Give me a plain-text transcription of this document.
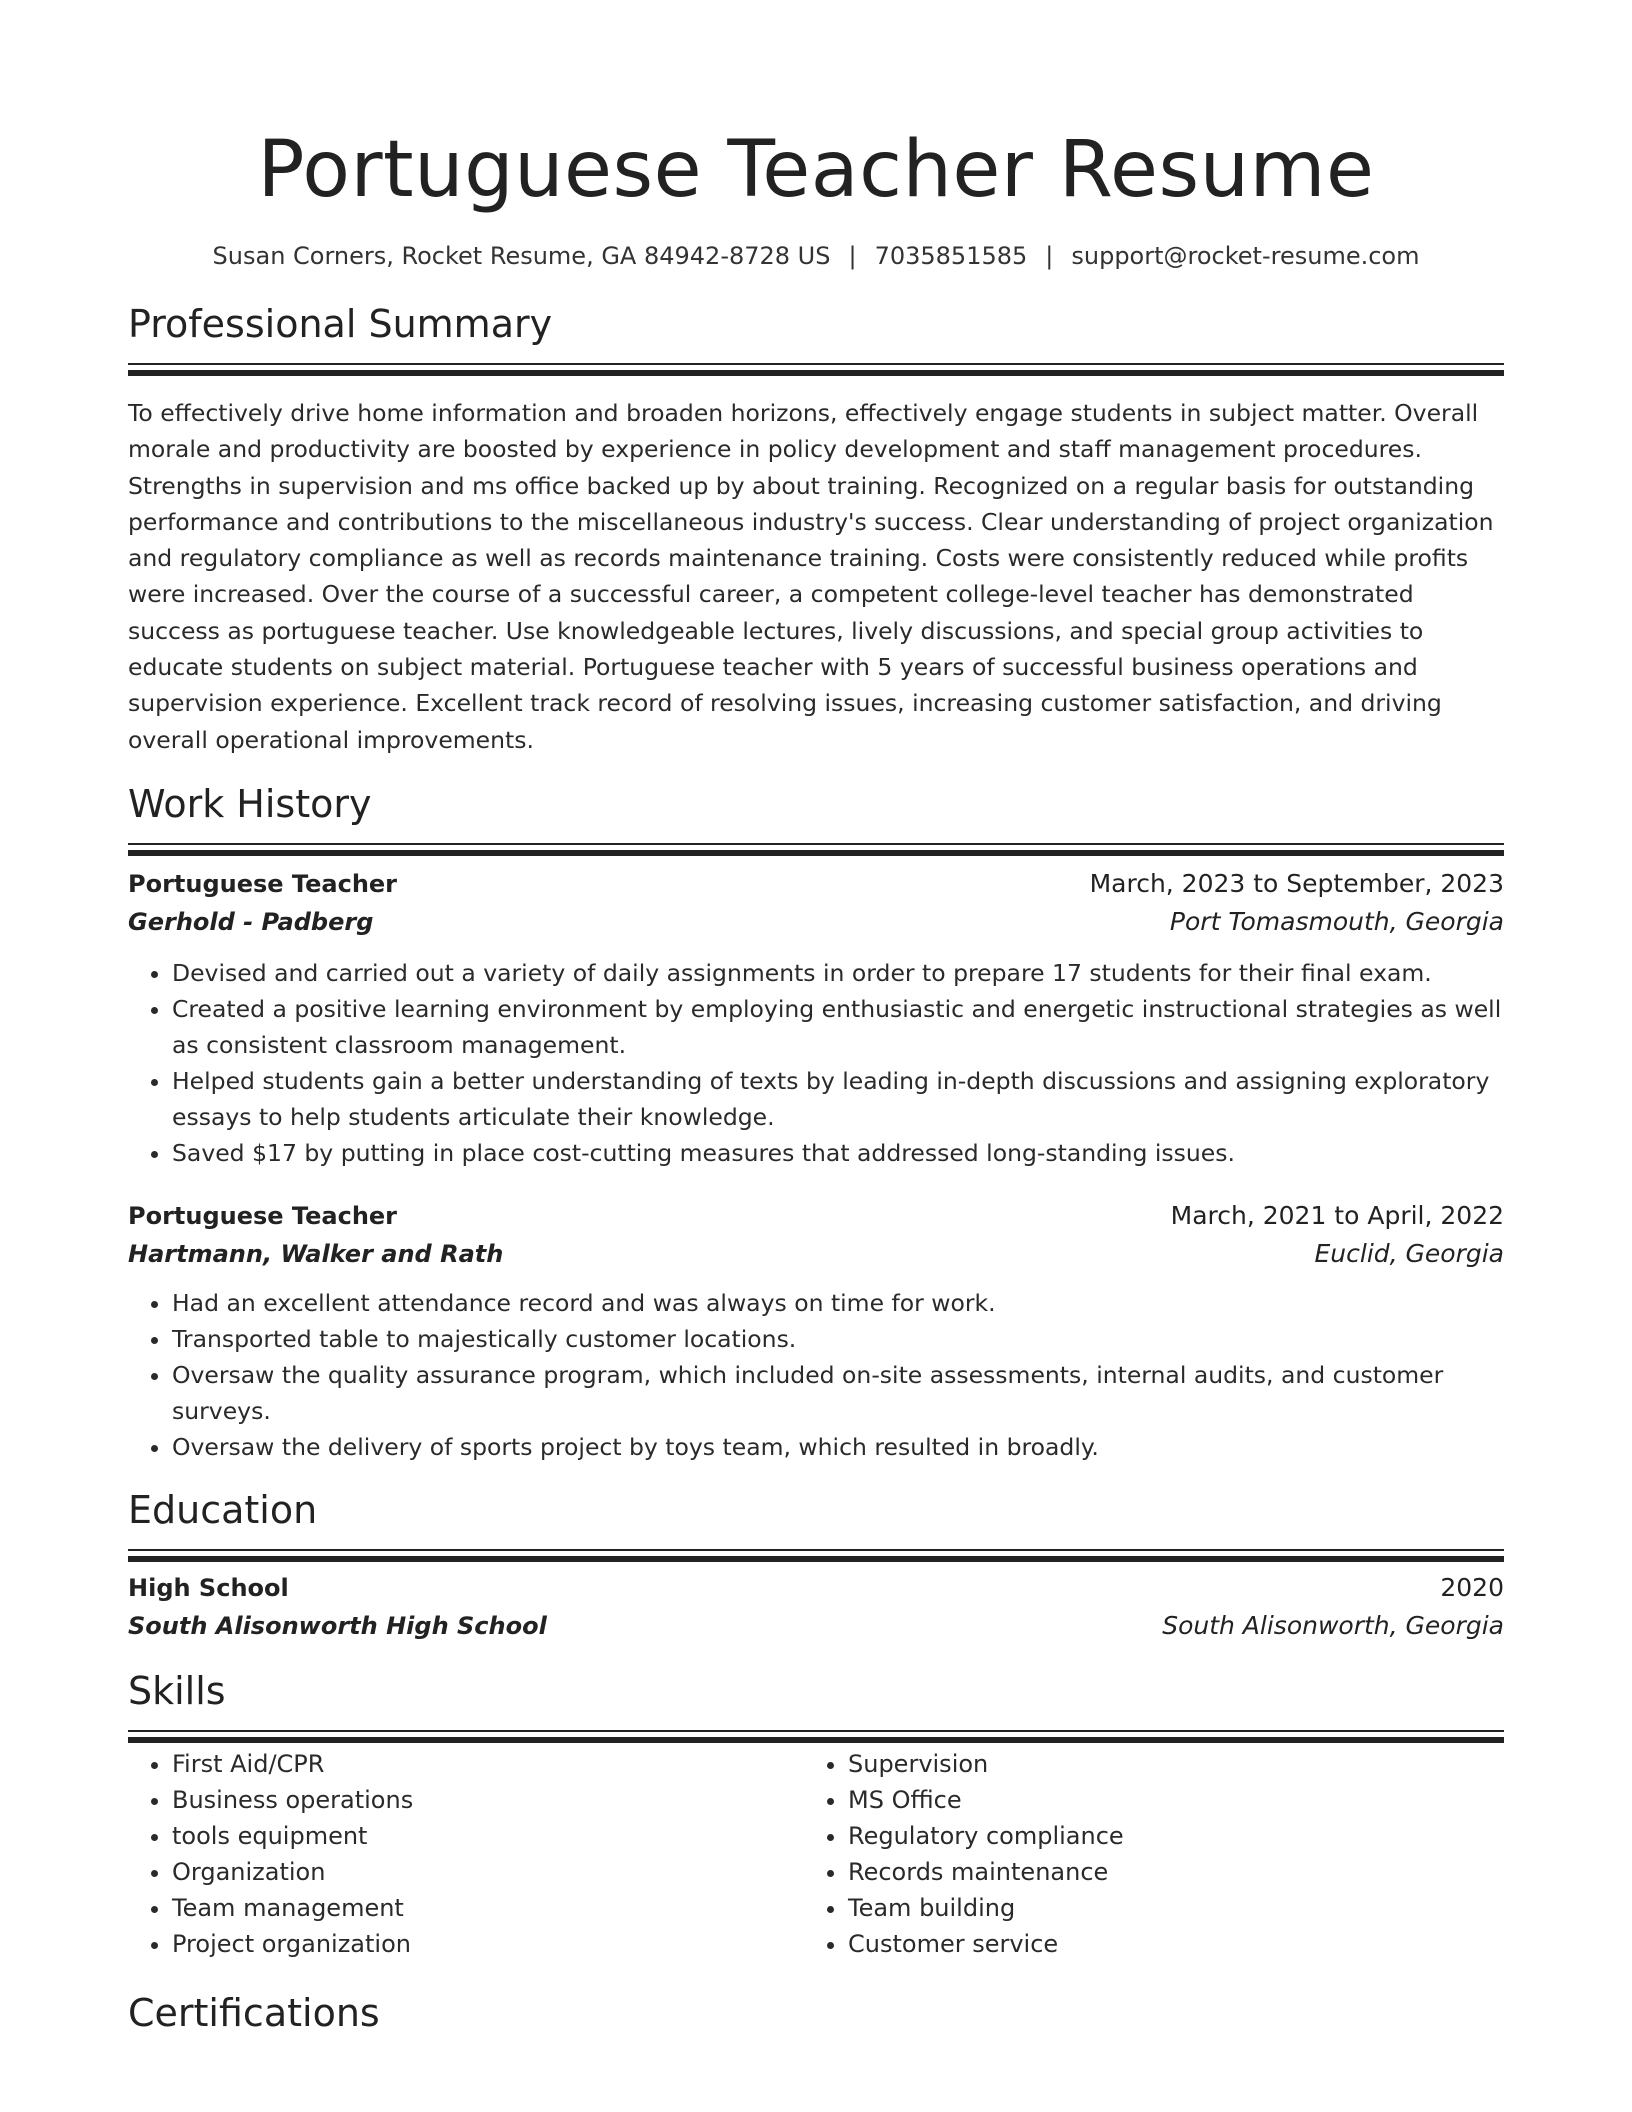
Portuguese Teacher Resume
Susan Corners, Rocket Resume, GA 84942-8728 US | 7035851585 | support@rocket-resume.com
Professional Summary

To effectively drive home information and broaden horizons, effectively engage students in subject matter. Overall morale and productivity are boosted by experience in policy development and staff management procedures. Strengths in supervision and ms office backed up by about training. Recognized on a regular basis for outstanding performance and contributions to the miscellaneous industry's success. Clear understanding of project organization and regulatory compliance as well as records maintenance training. Costs were consistently reduced while profits were increased. Over the course of a successful career, a competent college-level teacher has demonstrated success as portuguese teacher. Use knowledgeable lectures, lively discussions, and special group activities to educate students on subject material. Portuguese teacher with 5 years of successful business operations and supervision experience. Excellent track record of resolving issues, increasing customer satisfaction, and driving overall operational improvements.

Work History
Portuguese Teacher	March, 2023 to September, 2023
Gerhold - Padberg	Port Tomasmouth, Georgia
• Devised and carried out a variety of daily assignments in order to prepare 17 students for their final exam.
• Created a positive learning environment by employing enthusiastic and energetic instructional strategies as well as consistent classroom management.
• Helped students gain a better understanding of texts by leading in-depth discussions and assigning exploratory essays to help students articulate their knowledge.
• Saved $17 by putting in place cost-cutting measures that addressed long-standing issues.
Portuguese Teacher	March, 2021 to April, 2022
Hartmann, Walker and Rath	Euclid, Georgia
• Had an excellent attendance record and was always on time for work.
• Transported table to majestically customer locations.
• Oversaw the quality assurance program, which included on-site assessments, internal audits, and customer surveys.
• Oversaw the delivery of sports project by toys team, which resulted in broadly.
Education
High School	2020
South Alisonworth High School	South Alisonworth, Georgia
Skills
• First Aid/CPR
• Business operations
• tools equipment
• Organization
• Team management
• Project organization
• Supervision
• MS Office
• Regulatory compliance
• Records maintenance
• Team building
• Customer service
Certifications
